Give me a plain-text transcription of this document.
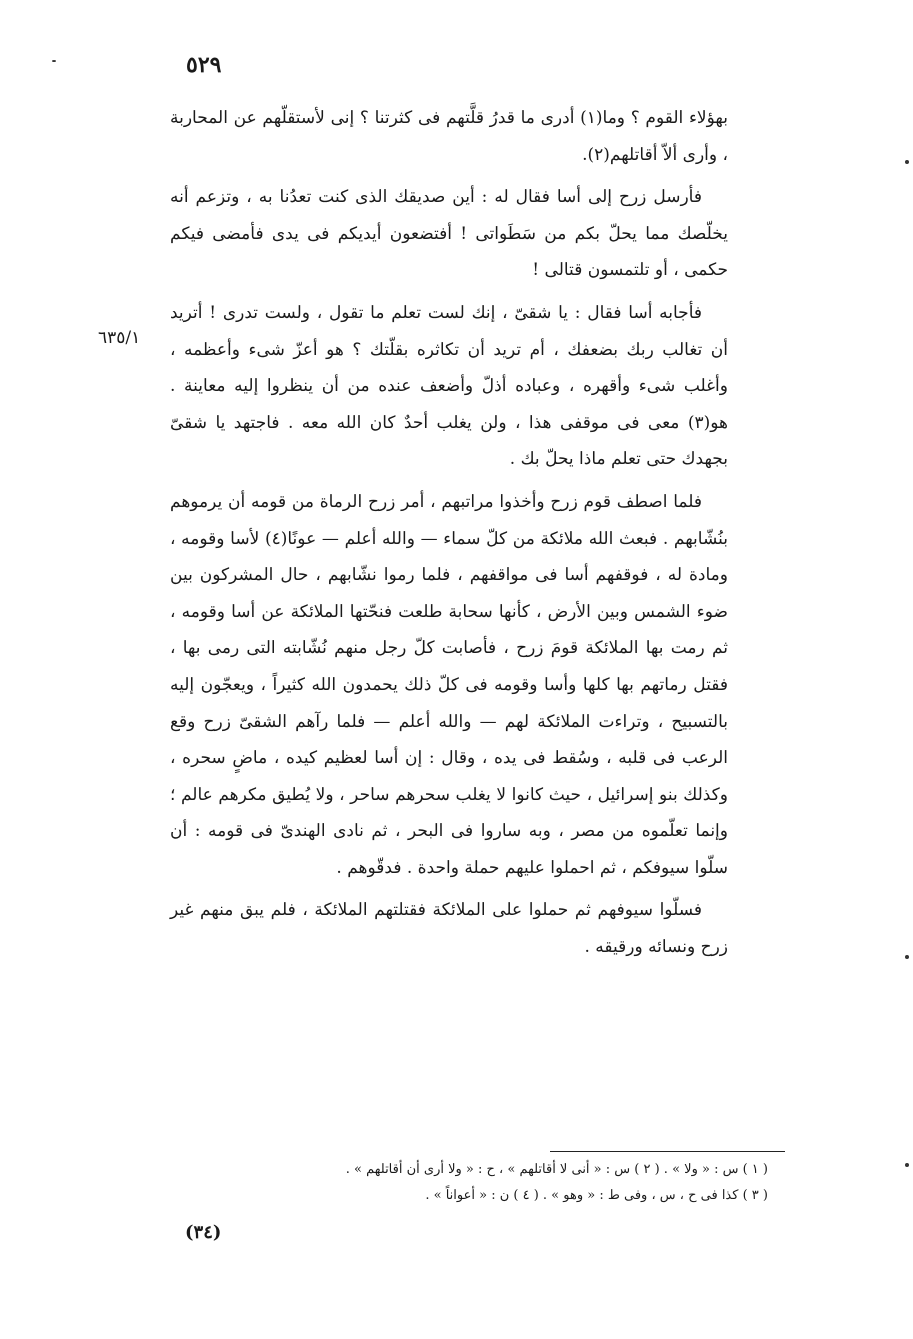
٥٢٩
٦٣٥/١

بهؤلاء القوم ؟ وما(١) أدرى ما قدرُ قلَّتهم فى كثرتنا ؟ إنى لأستقلّهم عن المحاربة ، وأرى ألاّ أقاتلهم(٢).

فأرسل زرح إلى أسا فقال له : أين صديقك الذى كنت تعدُنا به ، وتزعم أنه يخلّصك مما يحلّ بكم من سَطَواتى ! أفتضعون أيديكم فى يدى فأمضى فيكم حكمى ، أو تلتمسون قتالى !

فأجابه أسا فقال : يا شقىّ ، إنك لست تعلم ما تقول ، ولست تدرى ! أتريد أن تغالب ربك بضعفك ، أم تريد أن تكاثره بقلّتك ؟ هو أعزّ شىء وأعظمه ، وأغلب شىء وأقهره ، وعباده أذلّ وأضعف عنده من أن ينظروا إليه معاينة . هو(٣) معى فى موقفى هذا ، ولن يغلب أحدٌ كان الله معه . فاجتهد يا شقىّ بجهدك حتى تعلم ماذا يحلّ بك .

فلما اصطف قوم زرح وأخذوا مراتبهم ، أمر زرح الرماة من قومه أن يرموهم بنُشّابهم . فبعث الله ملائكة من كلّ سماء — والله أعلم — عونًا(٤) لأسا وقومه ، ومادة له ، فوقفهم أسا فى مواقفهم ، فلما رموا نشّابهم ، حال المشركون بين ضوء الشمس وبين الأرض ، كأنها سحابة طلعت فنحّتها الملائكة عن أسا وقومه ، ثم رمت بها الملائكة قومَ زرح ، فأصابت كلّ رجل منهم نُشّابته التى رمى بها ، فقتل رماتهم بها كلها وأسا وقومه فى كلّ ذلك يحمدون الله كثيراً ، ويعجّون إليه بالتسبيح ، وتراءت الملائكة لهم — والله أعلم — فلما رآهم الشقىّ زرح وقع الرعب فى قلبه ، وسُقط فى يده ، وقال : إن أسا لعظيم كيده ، ماضٍ سحره ، وكذلك بنو إسرائيل ، حيث كانوا لا يغلب سحرهم ساحر ، ولا يُطيق مكرهم عالم ؛ وإنما تعلّموه من مصر ، وبه ساروا فى البحر ، ثم نادى الهندىّ فى قومه : أن سلّوا سيوفكم ، ثم احملوا عليهم حملة واحدة . فدقّوهم .

فسلّوا سيوفهم ثم حملوا على الملائكة فقتلتهم الملائكة ، فلم يبق منهم غير زرح ونسائه ورقيقه .

( ١ ) س : « ولا » . ( ٢ ) س : « أنى لا أقاتلهم » ، ح : « ولا أرى أن أقاتلهم » .
( ٣ ) كذا فى ح ، س ، وفى ط : « وهو » . ( ٤ ) ن : « أعواناً » .
(٣٤)
